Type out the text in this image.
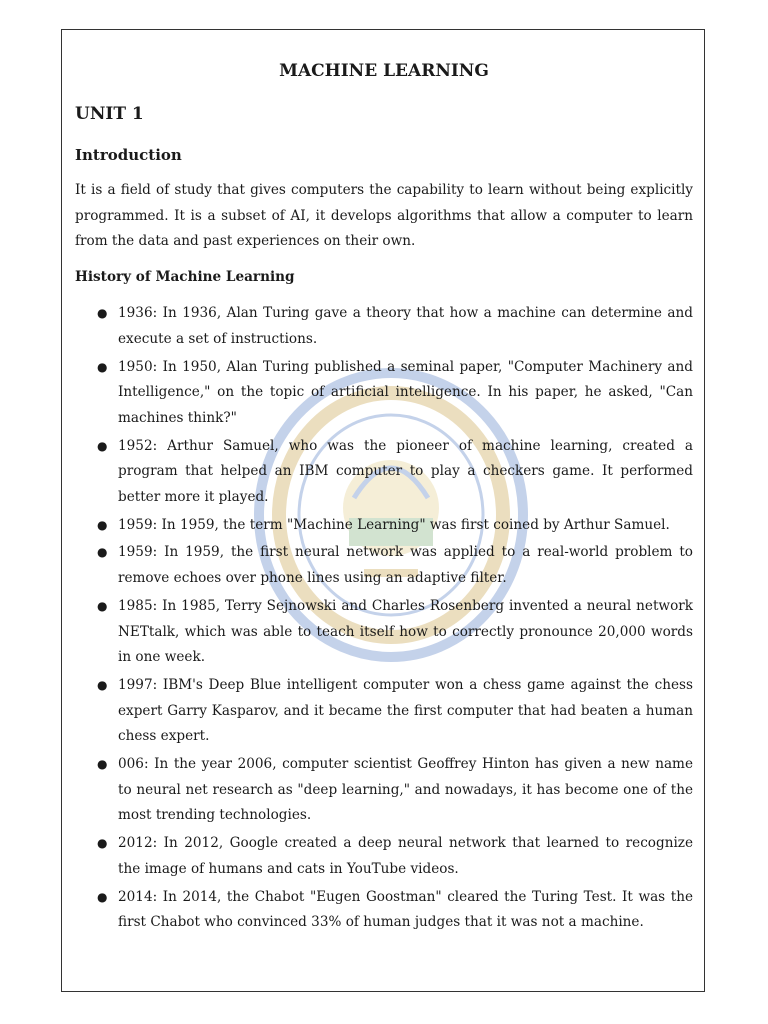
MACHINE LEARNING
UNIT 1
Introduction

It is a field of study that gives computers the capability to learn without being explicitly programmed. It is a subset of AI, it develops algorithms that allow a computer to learn from the data and past experiences on their own.

History of Machine Learning
● 1936: In 1936, Alan Turing gave a theory that how a machine can determine and execute a set of instructions.
● 1950: In 1950, Alan Turing published a seminal paper, "Computer Machinery and Intelligence," on the topic of artificial intelligence. In his paper, he asked, "Can machines think?"
● 1952: Arthur Samuel, who was the pioneer of machine learning, created a program that helped an IBM computer to play a checkers game. It performed better more it played.
● 1959: In 1959, the term "Machine Learning" was first coined by Arthur Samuel.
● 1959: In 1959, the first neural network was applied to a real-world problem to remove echoes over phone lines using an adaptive filter.
● 1985: In 1985, Terry Sejnowski and Charles Rosenberg invented a neural network NETtalk, which was able to teach itself how to correctly pronounce 20,000 words in one week.
● 1997: IBM's Deep Blue intelligent computer won a chess game against the chess expert Garry Kasparov, and it became the first computer that had beaten a human chess expert.
● 006: In the year 2006, computer scientist Geoffrey Hinton has given a new name to neural net research as "deep learning," and nowadays, it has become one of the most trending technologies.
● 2012: In 2012, Google created a deep neural network that learned to recognize the image of humans and cats in YouTube videos.
● 2014: In 2014, the Chabot "Eugen Goostman" cleared the Turing Test. It was the first Chabot who convinced 33% of human judges that it was not a machine.
